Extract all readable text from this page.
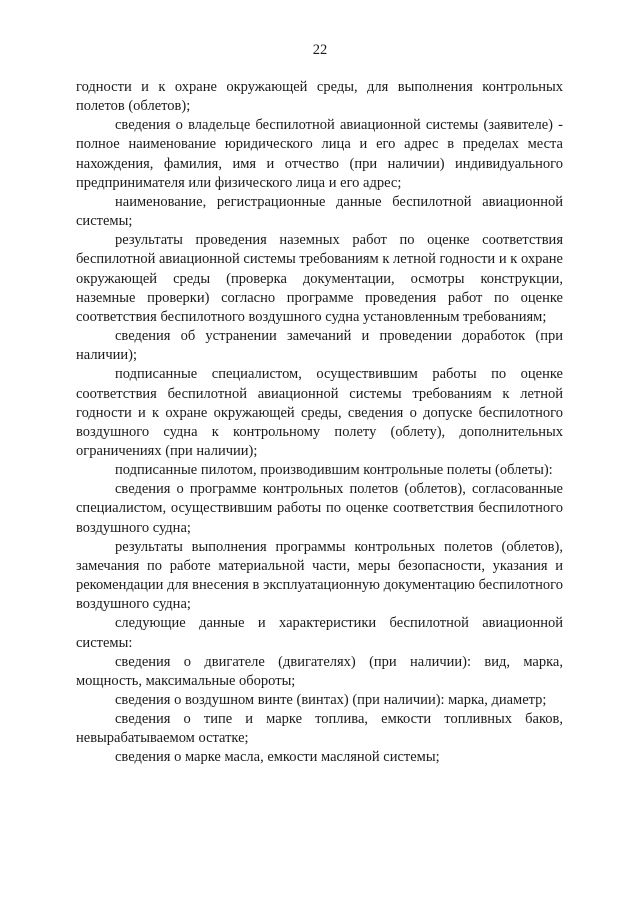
22

годности и к охране окружающей среды, для выполнения контрольных полетов (облетов);

сведения о владельце беспилотной авиационной системы (заявителе) - полное наименование юридического лица и его адрес в пределах места нахождения, фамилия, имя и отчество (при наличии) индивидуального предпринимателя или физического лица и его адрес;

наименование, регистрационные данные беспилотной авиационной системы;

результаты проведения наземных работ по оценке соответствия беспилотной авиационной системы требованиям к летной годности и к охране окружающей среды (проверка документации, осмотры конструкции, наземные проверки) согласно программе проведения работ по оценке соответствия беспилотного воздушного судна установленным требованиям;

сведения об устранении замечаний и проведении доработок (при наличии);

подписанные специалистом, осуществившим работы по оценке соответствия беспилотной авиационной системы требованиям к летной годности и к охране окружающей среды, сведения о допуске беспилотного воздушного судна к контрольному полету (облету), дополнительных ограничениях (при наличии);

подписанные пилотом, производившим контрольные полеты (облеты):

сведения о программе контрольных полетов (облетов), согласованные специалистом, осуществившим работы по оценке соответствия беспилотного воздушного судна;

результаты выполнения программы контрольных полетов (облетов), замечания по работе материальной части, меры безопасности, указания и рекомендации для внесения в эксплуатационную документацию беспилотного воздушного судна;

следующие данные и характеристики беспилотной авиационной системы:

сведения о двигателе (двигателях) (при наличии): вид, марка, мощность, максимальные обороты;

сведения о воздушном винте (винтах) (при наличии): марка, диаметр;

сведения о типе и марке топлива, емкости топливных баков, невырабатываемом остатке;

сведения о марке масла, емкости масляной системы;
